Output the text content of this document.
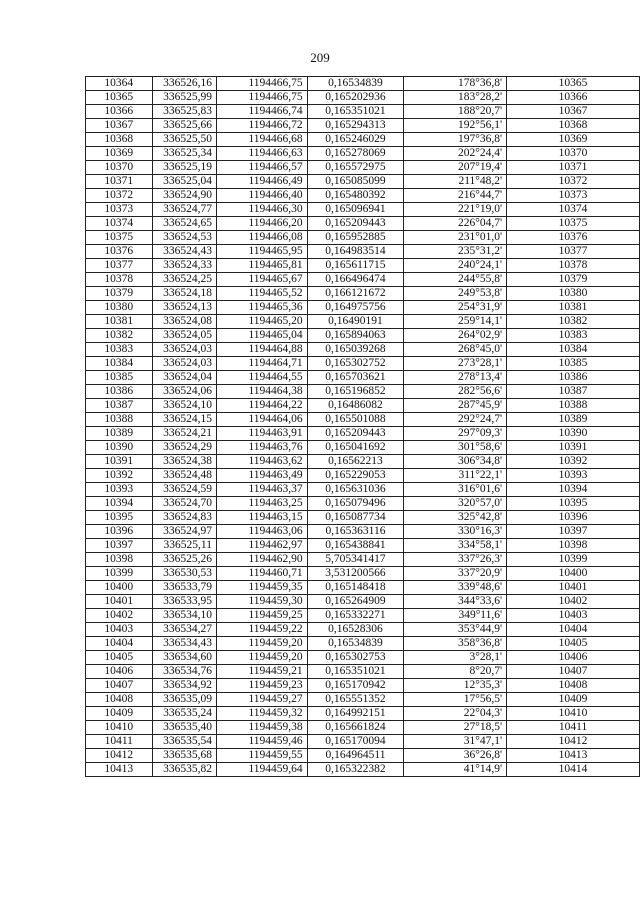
209
10364	336526,16	1194466,75	0,16534839	178°36,8'	10365
10365	336525,99	1194466,75	0,165202936	183°28,2'	10366
10366	336525,83	1194466,74	0,165351021	188°20,7'	10367
10367	336525,66	1194466,72	0,165294313	192°56,1'	10368
10368	336525,50	1194466,68	0,165246029	197°36,8'	10369
10369	336525,34	1194466,63	0,165278069	202°24,4'	10370
10370	336525,19	1194466,57	0,165572975	207°19,4'	10371
10371	336525,04	1194466,49	0,165085099	211°48,2'	10372
10372	336524,90	1194466,40	0,165480392	216°44,7'	10373
10373	336524,77	1194466,30	0,165096941	221°19,0'	10374
10374	336524,65	1194466,20	0,165209443	226°04,7'	10375
10375	336524,53	1194466,08	0,165952885	231°01,0'	10376
10376	336524,43	1194465,95	0,164983514	235°31,2'	10377
10377	336524,33	1194465,81	0,165611715	240°24,1'	10378
10378	336524,25	1194465,67	0,166496474	244°55,8'	10379
10379	336524,18	1194465,52	0,166121672	249°53,8'	10380
10380	336524,13	1194465,36	0,164975756	254°31,9'	10381
10381	336524,08	1194465,20	0,16490191	259°14,1'	10382
10382	336524,05	1194465,04	0,165894063	264°02,9'	10383
10383	336524,03	1194464,88	0,165039268	268°45,0'	10384
10384	336524,03	1194464,71	0,165302752	273°28,1'	10385
10385	336524,04	1194464,55	0,165703621	278°13,4'	10386
10386	336524,06	1194464,38	0,165196852	282°56,6'	10387
10387	336524,10	1194464,22	0,16486082	287°45,9'	10388
10388	336524,15	1194464,06	0,165501088	292°24,7'	10389
10389	336524,21	1194463,91	0,165209443	297°09,3'	10390
10390	336524,29	1194463,76	0,165041692	301°58,6'	10391
10391	336524,38	1194463,62	0,16562213	306°34,8'	10392
10392	336524,48	1194463,49	0,165229053	311°22,1'	10393
10393	336524,59	1194463,37	0,165631036	316°01,6'	10394
10394	336524,70	1194463,25	0,165079496	320°57,0'	10395
10395	336524,83	1194463,15	0,165087734	325°42,8'	10396
10396	336524,97	1194463,06	0,165363116	330°16,3'	10397
10397	336525,11	1194462,97	0,165438841	334°58,1'	10398
10398	336525,26	1194462,90	5,705341417	337°26,3'	10399
10399	336530,53	1194460,71	3,531200566	337°20,9'	10400
10400	336533,79	1194459,35	0,165148418	339°48,6'	10401
10401	336533,95	1194459,30	0,165264909	344°33,6'	10402
10402	336534,10	1194459,25	0,165332271	349°11,6'	10403
10403	336534,27	1194459,22	0,16528306	353°44,9'	10404
10404	336534,43	1194459,20	0,16534839	358°36,8'	10405
10405	336534,60	1194459,20	0,165302753	3°28,1'	10406
10406	336534,76	1194459,21	0,165351021	8°20,7'	10407
10407	336534,92	1194459,23	0,165170942	12°35,3'	10408
10408	336535,09	1194459,27	0,165551352	17°56,5'	10409
10409	336535,24	1194459,32	0,164992151	22°04,3'	10410
10410	336535,40	1194459,38	0,165661824	27°18,5'	10411
10411	336535,54	1194459,46	0,165170094	31°47,1'	10412
10412	336535,68	1194459,55	0,164964511	36°26,8'	10413
10413	336535,82	1194459,64	0,165322382	41°14,9'	10414
